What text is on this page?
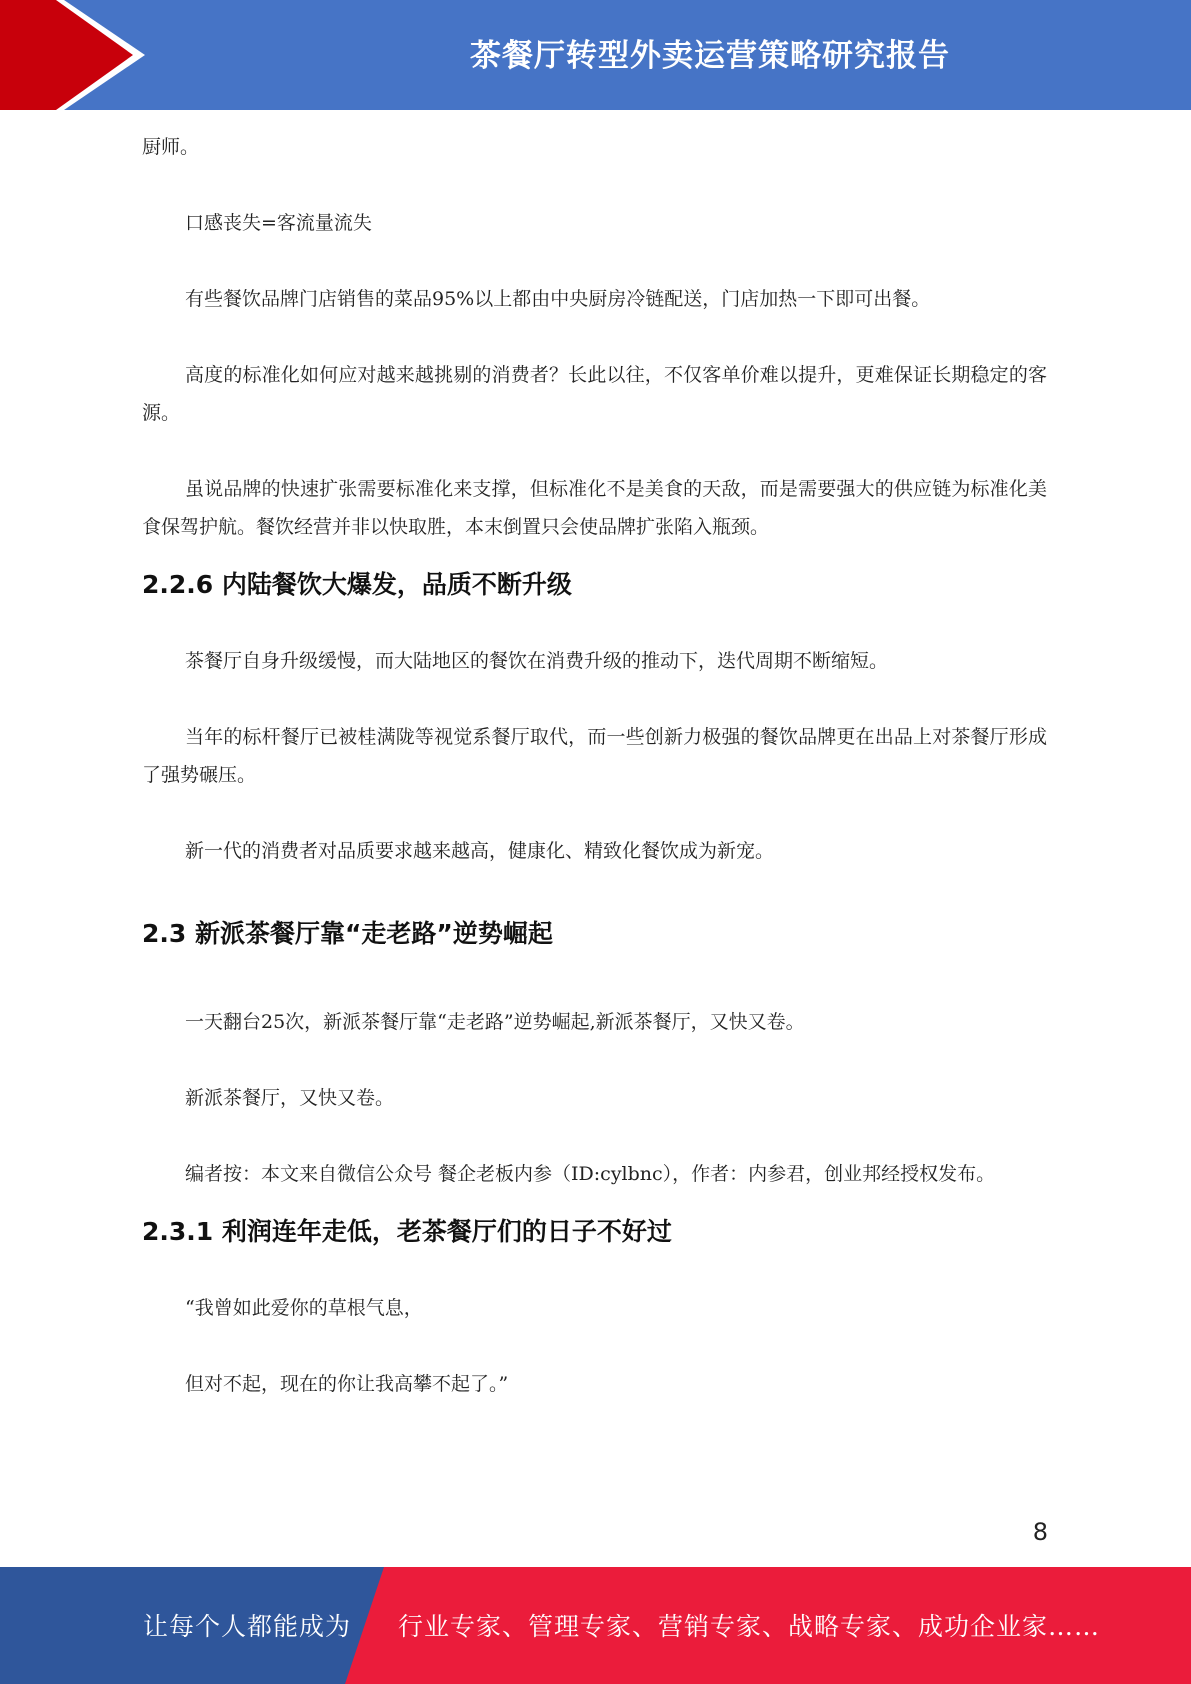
茶餐厅转型外卖运营策略研究报告

厨师。

口感丧失=客流量流失

有些餐饮品牌门店销售的菜品95%以上都由中央厨房冷链配送，门店加热一下即可出餐。

高度的标准化如何应对越来越挑剔的消费者？长此以往，不仅客单价难以提升，更难保证长期稳定的客源。

虽说品牌的快速扩张需要标准化来支撑，但标准化不是美食的天敌，而是需要强大的供应链为标准化美食保驾护航。餐饮经营并非以快取胜，本末倒置只会使品牌扩张陷入瓶颈。

2.2.6 内陆餐饮大爆发，品质不断升级

茶餐厅自身升级缓慢，而大陆地区的餐饮在消费升级的推动下，迭代周期不断缩短。

当年的标杆餐厅已被桂满陇等视觉系餐厅取代，而一些创新力极强的餐饮品牌更在出品上对茶餐厅形成了强势碾压。

新一代的消费者对品质要求越来越高，健康化、精致化餐饮成为新宠。

2.3 新派茶餐厅靠“走老路”逆势崛起

一天翻台25次，新派茶餐厅靠“走老路”逆势崛起,新派茶餐厅，又快又卷。

新派茶餐厅，又快又卷。

编者按：本文来自微信公众号 餐企老板内参（ID:cylbnc），作者：内参君，创业邦经授权发布。

2.3.1 利润连年走低，老茶餐厅们的日子不好过

“我曾如此爱你的草根气息，

但对不起，现在的你让我高攀不起了。”

8
让每个人都能成为 行业专家、管理专家、营销专家、战略专家、成功企业家……
